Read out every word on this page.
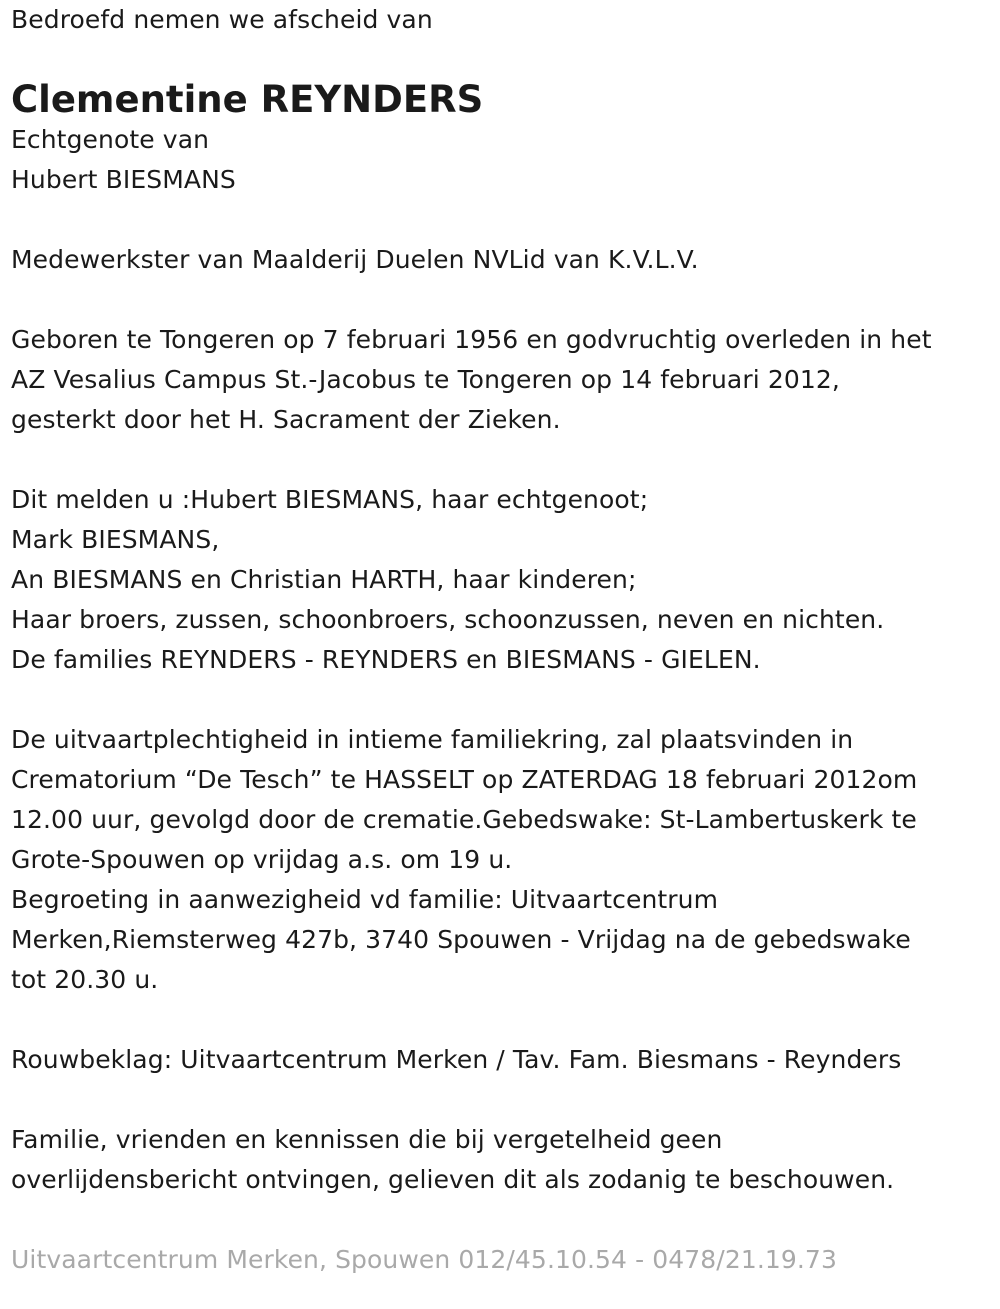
Bedroefd nemen we afscheid van
Clementine REYNDERS
Echtgenote van
Hubert BIESMANS
Medewerkster van Maalderij Duelen NVLid van K.V.L.V.
Geboren te Tongeren op 7 februari 1956 en godvruchtig overleden in het
AZ Vesalius Campus St.-Jacobus te Tongeren op 14 februari 2012,
gesterkt door het H. Sacrament der Zieken.
Dit melden u :Hubert BIESMANS, haar echtgenoot;
Mark BIESMANS,
An BIESMANS en Christian HARTH, haar kinderen;
Haar broers, zussen, schoonbroers, schoonzussen, neven en nichten.
De families REYNDERS - REYNDERS en BIESMANS - GIELEN.
De uitvaartplechtigheid in intieme familiekring, zal plaatsvinden in
Crematorium “De Tesch” te HASSELT op ZATERDAG 18 februari 2012om
12.00 uur, gevolgd door de crematie.Gebedswake: St-Lambertuskerk te
Grote-Spouwen op vrijdag a.s. om 19 u.
Begroeting in aanwezigheid vd familie: Uitvaartcentrum
Merken,Riemsterweg 427b, 3740 Spouwen - Vrijdag na de gebedswake
tot 20.30 u.
Rouwbeklag: Uitvaartcentrum Merken / Tav. Fam. Biesmans - Reynders
Familie, vrienden en kennissen die bij vergetelheid geen
overlijdensbericht ontvingen, gelieven dit als zodanig te beschouwen.
Uitvaartcentrum Merken, Spouwen 012/45.10.54 - 0478/21.19.73
